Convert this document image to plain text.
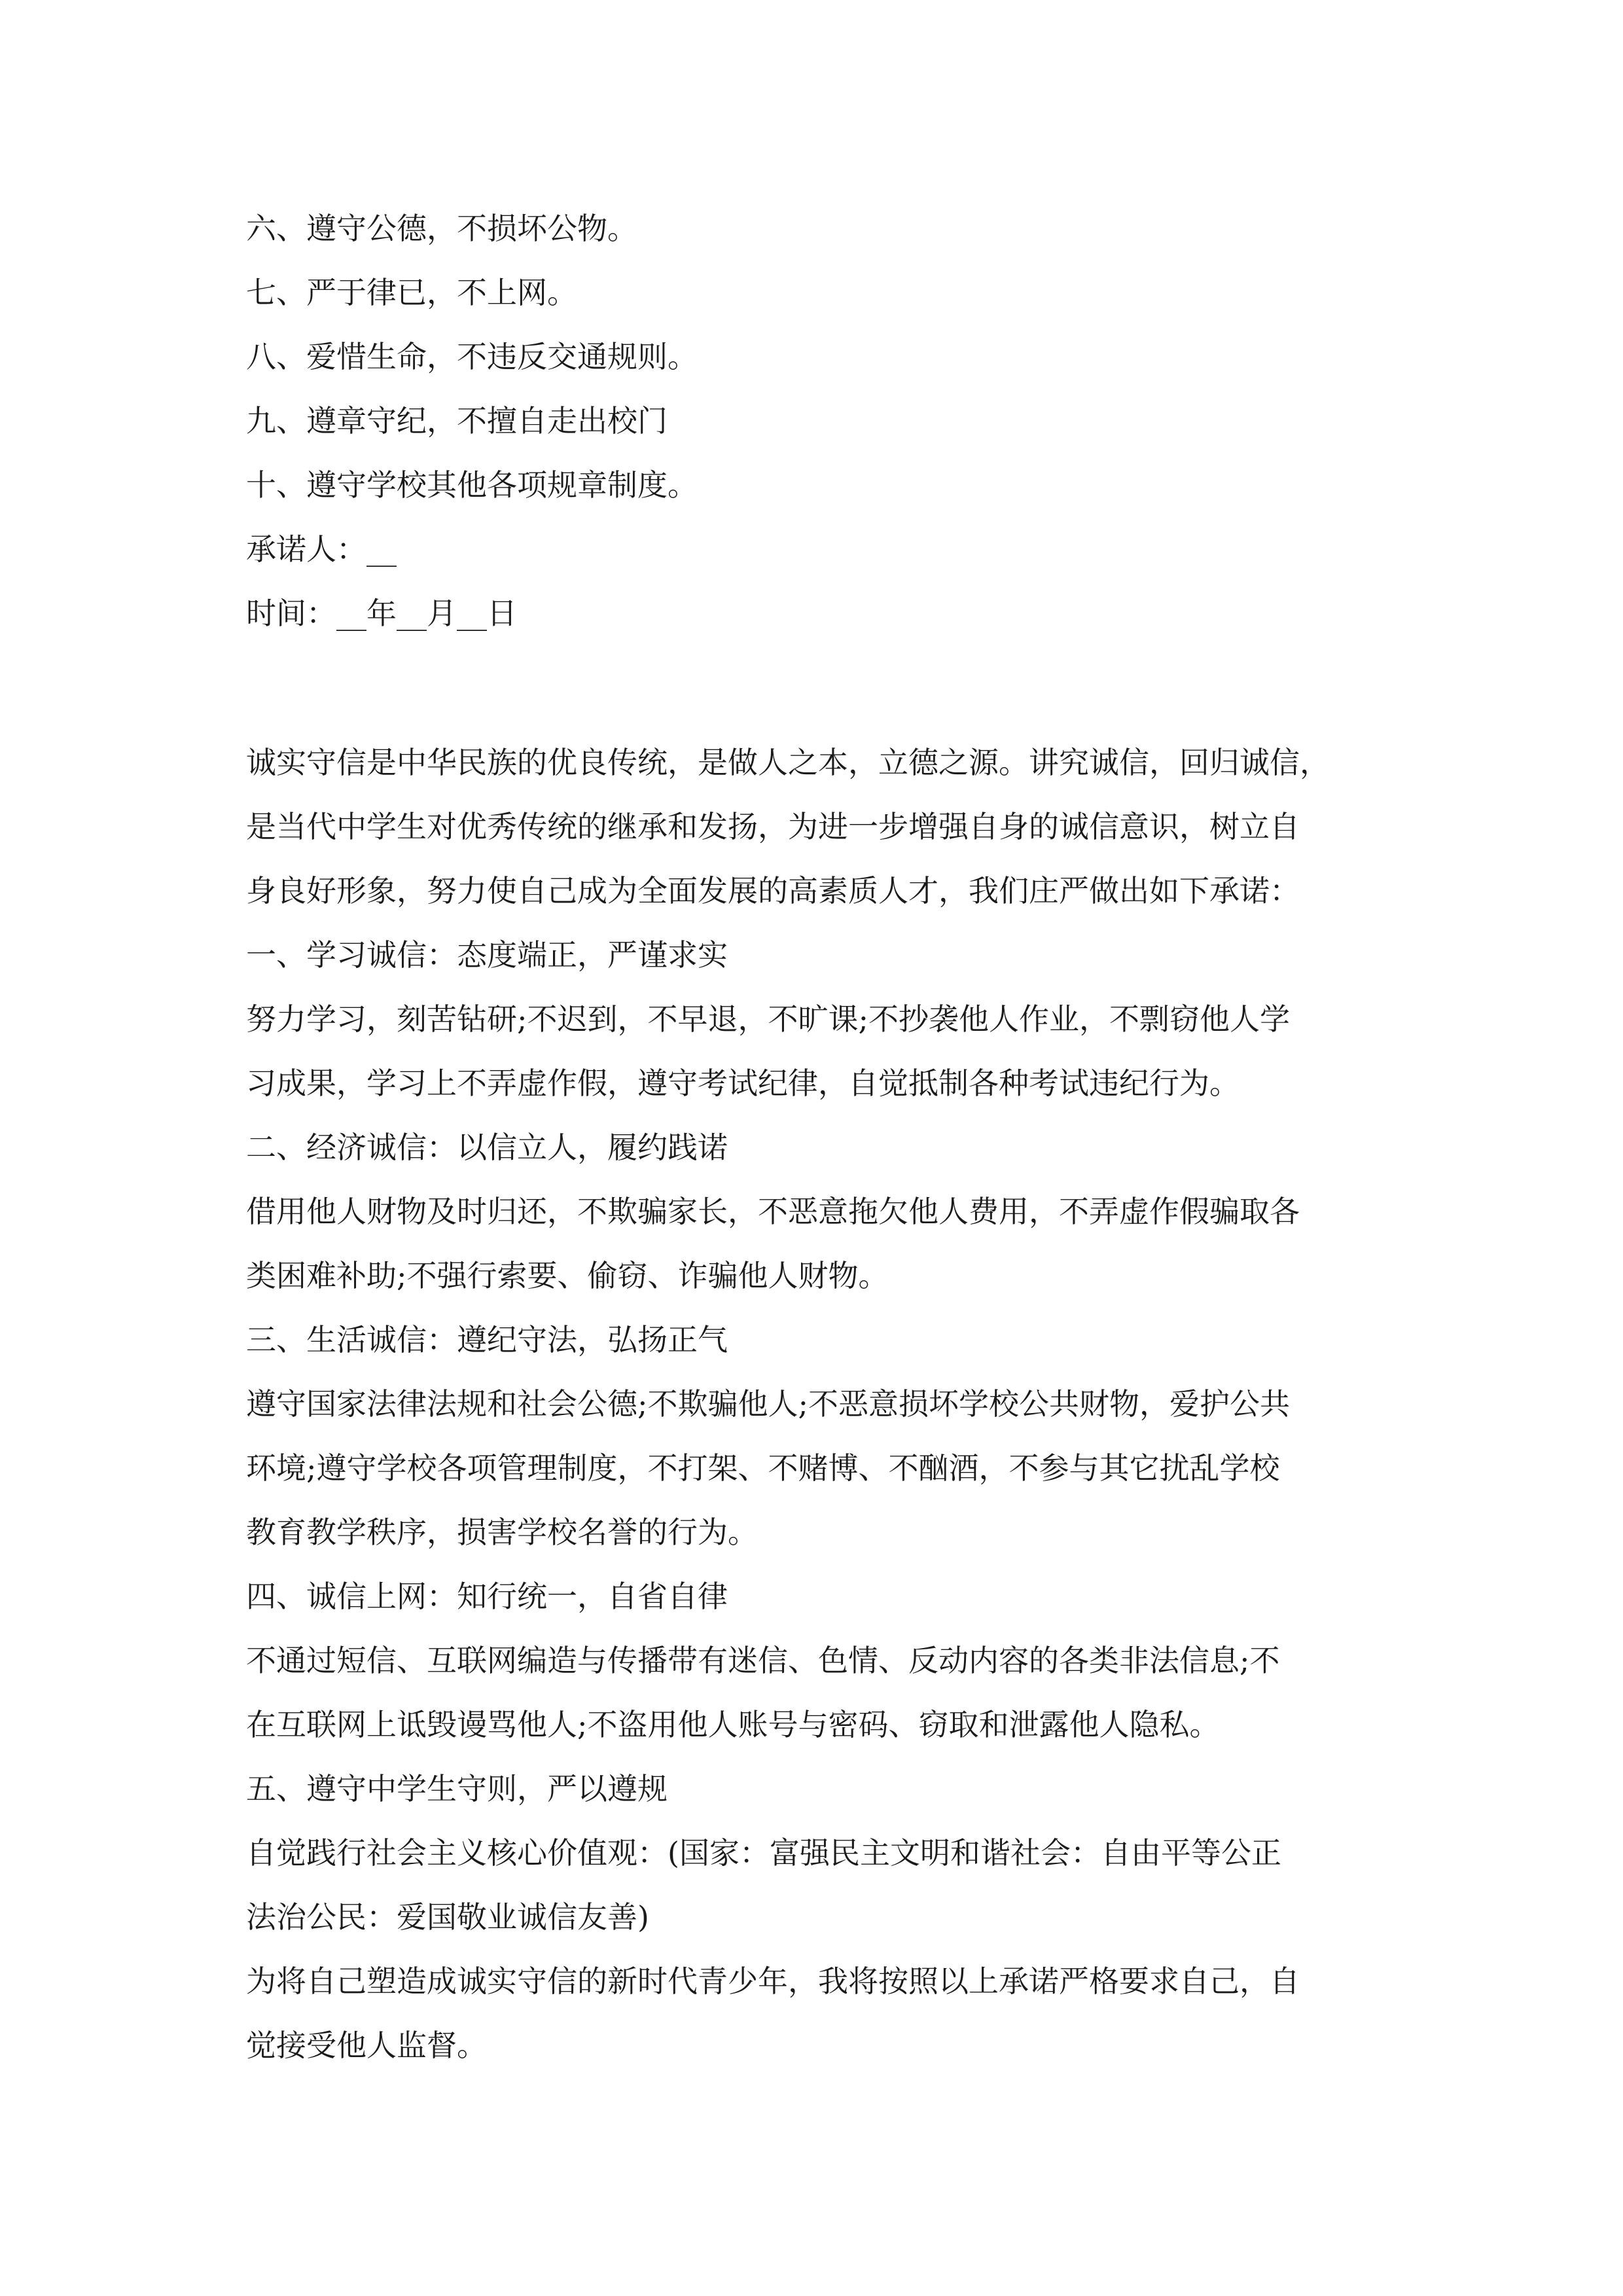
六、遵守公德，不损坏公物。
七、严于律已，不上网。
八、爱惜生命，不违反交通规则。
九、遵章守纪，不擅自走出校门
十、遵守学校其他各项规章制度。
承诺人：__
时间：__年__月__日
诚实守信是中华民族的优良传统，是做人之本，立德之源。讲究诚信，回归诚信，
是当代中学生对优秀传统的继承和发扬，为进一步增强自身的诚信意识，树立自
身良好形象，努力使自己成为全面发展的高素质人才，我们庄严做出如下承诺：
一、学习诚信：态度端正，严谨求实
努力学习，刻苦钻研;不迟到，不早退，不旷课;不抄袭他人作业，不剽窃他人学
习成果，学习上不弄虚作假，遵守考试纪律，自觉抵制各种考试违纪行为。
二、经济诚信：以信立人，履约践诺
借用他人财物及时归还，不欺骗家长，不恶意拖欠他人费用，不弄虚作假骗取各
类困难补助;不强行索要、偷窃、诈骗他人财物。
三、生活诚信：遵纪守法，弘扬正气
遵守国家法律法规和社会公德;不欺骗他人;不恶意损坏学校公共财物，爱护公共
环境;遵守学校各项管理制度，不打架、不赌博、不酗酒，不参与其它扰乱学校
教育教学秩序，损害学校名誉的行为。
四、诚信上网：知行统一，自省自律
不通过短信、互联网编造与传播带有迷信、色情、反动内容的各类非法信息;不
在互联网上诋毁谩骂他人;不盗用他人账号与密码、窃取和泄露他人隐私。
五、遵守中学生守则，严以遵规
自觉践行社会主义核心价值观：(国家：富强民主文明和谐社会：自由平等公正
法治公民：爱国敬业诚信友善)
为将自己塑造成诚实守信的新时代青少年，我将按照以上承诺严格要求自己，自
觉接受他人监督。
